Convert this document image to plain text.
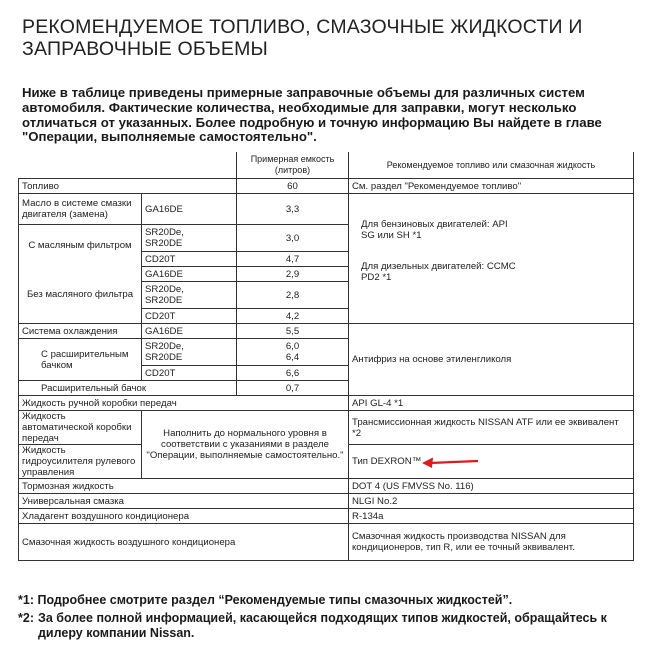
РЕКОМЕНДУЕМОЕ ТОПЛИВО, СМАЗОЧНЫЕ ЖИДКОСТИ И
ЗАПРАВОЧНЫЕ ОБЪЕМЫ
Ниже в таблице приведены примерные заправочные объемы для различных систем автомобиля. Фактические количества, необходимые для заправки, могут несколько отличаться от указанных. Более подробную и точную информацию Вы найдете в главе "Операции, выполняемые самостоятельно".
		Примерная емкость (литров)	Рекомендуемое топливо или смазочная жидкость
Топливо		60	См. раздел "Рекомендуемое топливо"
Масло в системе смазки двигателя (замена)	GA16DE	3,3	Для бензиновых двигателей: API SG или SH *1
Для дизельных двигателей: CCMC PD2 *1

С масляным фильтром	SR20De,
SR20DE	3,0	
	CD20T	4,7	
Без масляного фильтра	GA16DE	2,9	
	SR20De,
SR20DE	2,8	
	CD20T	4,2	
Система охлаждения	GA16DE	5,5	Антифриз на основе этиленгликоля
С расширительным бачком	SR20De,
SR20DE	6,0
6,4	
	CD20T	6,6	
Расширительный бачок		0,7	
Жидкость ручной коробки передач			API GL-4 *1
Жидкость автоматической коробки передач	Наполнить до нормального уровня в соответствии с указаниями в разделе "Операции, выполняемые самостоятельно."		Трансмиссионная жидкость NISSAN ATF или ее эквивалент *2
Жидкость гидроусилителя рулевого управления			Тип DEXRON™
Тормозная жидкость			DOT 4 (US FMVSS No. 116)
Универсальная смазка			NLGI No.2
Хладагент воздушного кондиционера			R-134a
Смазочная жидкость воздушного кондиционера			Смазочная жидкость производства NISSAN для кондиционеров, тип R, или ее точный эквивалент.
*1: Подробнее смотрите раздел “Рекомендуемые типы смазочных жидкостей”.
*2: За более полной информацией, касающейся подходящих типов жидкостей, обращайтесь к дилеру компании Nissan.
